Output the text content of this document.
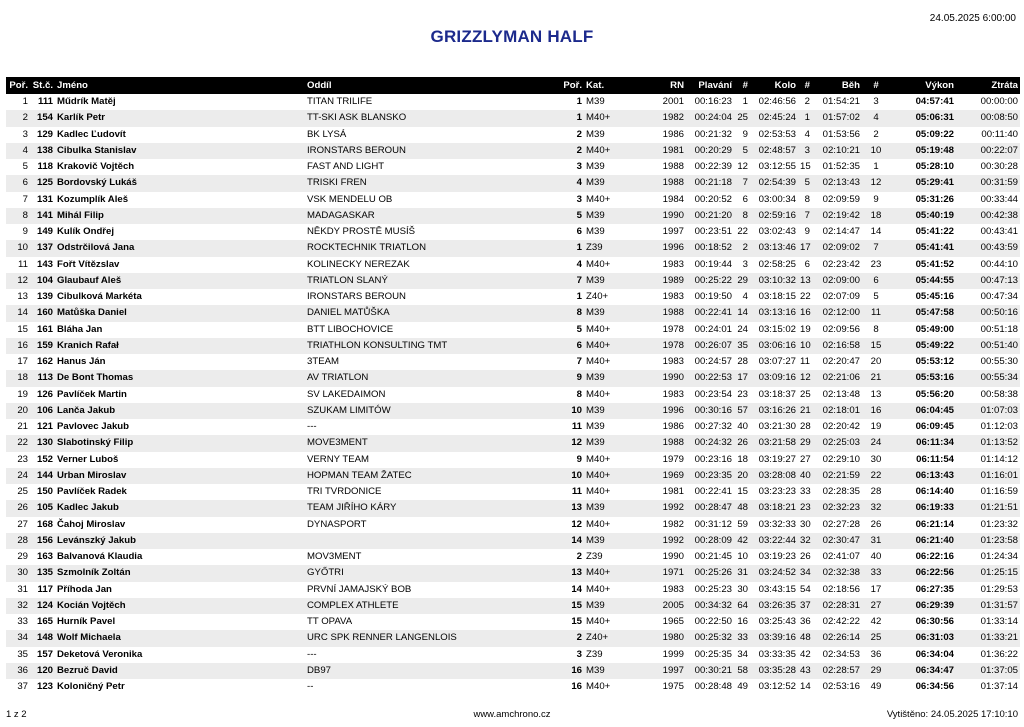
GRIZZLYMAN HALF
24.05.2025 6:00:00
Poř.	St.č.	Jméno	Oddíl	Poř.	Kat.	RN	Plavání	#	Kolo	#	Běh	#	Výkon	Ztráta
1	111	Műdrík Matěj	TITAN TRILIFE	1	M39	2001	00:16:23	1	02:46:56	2	01:54:21	3	04:57:41	00:00:00
2	154	Karlík Petr	TT-SKI ASK BLANSKO	1	M40+	1982	00:24:04	25	02:45:24	1	01:57:02	4	05:06:31	00:08:50
3	129	Kadlec Ľudovít	BK LYSÁ	2	M39	1986	00:21:32	9	02:53:53	4	01:53:56	2	05:09:22	00:11:40
4	138	Cibulka Stanislav	IRONSTARS BEROUN	2	M40+	1981	00:20:29	5	02:48:57	3	02:10:21	10	05:19:48	00:22:07
5	118	Krakovič Vojtěch	FAST AND LIGHT	3	M39	1988	00:22:39	12	03:12:55	15	01:52:35	1	05:28:10	00:30:28
6	125	Bordovský Lukáš	TRISKI FREN	4	M39	1988	00:21:18	7	02:54:39	5	02:13:43	12	05:29:41	00:31:59
7	131	Kozumplík Aleš	VSK MENDELU OB	3	M40+	1984	00:20:52	6	03:00:34	8	02:09:59	9	05:31:26	00:33:44
8	141	Mihál Filip	MADAGASKAR	5	M39	1990	00:21:20	8	02:59:16	7	02:19:42	18	05:40:19	00:42:38
9	149	Kulík Ondřej	NĚKDY PROSTĚ MUSÍŠ	6	M39	1997	00:23:51	22	03:02:43	9	02:14:47	14	05:41:22	00:43:41
10	137	Odstrčilová Jana	ROCKTECHNIK TRIATLON	1	Z39	1996	00:18:52	2	03:13:46	17	02:09:02	7	05:41:41	00:43:59
11	143	Fořt Vítězslav	KOLINECKY NEREZAK	4	M40+	1983	00:19:44	3	02:58:25	6	02:23:42	23	05:41:52	00:44:10
12	104	Glaubauf Aleš	TRIATLON SLANÝ	7	M39	1989	00:25:22	29	03:10:32	13	02:09:00	6	05:44:55	00:47:13
13	139	Cibulková Markéta	IRONSTARS BEROUN	1	Z40+	1983	00:19:50	4	03:18:15	22	02:07:09	5	05:45:16	00:47:34
14	160	Matůška Daniel	DANIEL MATŮŠKA	8	M39	1988	00:22:41	14	03:13:16	16	02:12:00	11	05:47:58	00:50:16
15	161	Bláha Jan	BTT LIBOCHOVICE	5	M40+	1978	00:24:01	24	03:15:02	19	02:09:56	8	05:49:00	00:51:18
16	159	Kranich Rafał	TRIATHLON KONSULTING TMT	6	M40+	1978	00:26:07	35	03:06:16	10	02:16:58	15	05:49:22	00:51:40
17	162	Hanus Ján	3TEAM	7	M40+	1983	00:24:57	28	03:07:27	11	02:20:47	20	05:53:12	00:55:30
18	113	De Bont Thomas	AV TRIATLON	9	M39	1990	00:22:53	17	03:09:16	12	02:21:06	21	05:53:16	00:55:34
19	126	Pavlíček Martin	SV LAKEDAIMON	8	M40+	1983	00:23:54	23	03:18:37	25	02:13:48	13	05:56:20	00:58:38
20	106	Lanča Jakub	SZUKAM LIMITÓW	10	M39	1996	00:30:16	57	03:16:26	21	02:18:01	16	06:04:45	01:07:03
21	121	Pavlovec Jakub	---	11	M39	1986	00:27:32	40	03:21:30	28	02:20:42	19	06:09:45	01:12:03
22	130	Slabotinský Filip	MOVE3MENT	12	M39	1988	00:24:32	26	03:21:58	29	02:25:03	24	06:11:34	01:13:52
23	152	Verner Luboš	VERNY TEAM	9	M40+	1979	00:23:16	18	03:19:27	27	02:29:10	30	06:11:54	01:14:12
24	144	Urban Miroslav	HOPMAN TEAM ŽATEC	10	M40+	1969	00:23:35	20	03:28:08	40	02:21:59	22	06:13:43	01:16:01
25	150	Pavlíček Radek	TRI TVRDONICE	11	M40+	1981	00:22:41	15	03:23:23	33	02:28:35	28	06:14:40	01:16:59
26	105	Kadlec Jakub	TEAM JIŘÍHO KÁRY	13	M39	1992	00:28:47	48	03:18:21	23	02:32:23	32	06:19:33	01:21:51
27	168	Čahoj Miroslav	DYNASPORT	12	M40+	1982	00:31:12	59	03:32:33	30	02:27:28	26	06:21:14	01:23:32
28	156	Levánszký Jakub		14	M39	1992	00:28:09	42	03:22:44	32	02:30:47	31	06:21:40	01:23:58
29	163	Balvanová Klaudia	MOV3MENT	2	Z39	1990	00:21:45	10	03:19:23	26	02:41:07	40	06:22:16	01:24:34
30	135	Szmolník Zoltán	GYŐTRI	13	M40+	1971	00:25:26	31	03:24:52	34	02:32:38	33	06:22:56	01:25:15
31	117	Příhoda Jan	PRVNÍ JAMAJSKÝ BOB	14	M40+	1983	00:25:23	30	03:43:15	54	02:18:56	17	06:27:35	01:29:53
32	124	Kocián Vojtěch	COMPLEX ATHLETE	15	M39	2005	00:34:32	64	03:26:35	37	02:28:31	27	06:29:39	01:31:57
33	165	Hurník Pavel	TT OPAVA	15	M40+	1965	00:22:50	16	03:25:43	36	02:42:22	42	06:30:56	01:33:14
34	148	Wolf Michaela	URC SPK RENNER LANGENLOIS	2	Z40+	1980	00:25:32	33	03:39:16	48	02:26:14	25	06:31:03	01:33:21
35	157	Deketová Veronika	---	3	Z39	1999	00:25:35	34	03:33:35	42	02:34:53	36	06:34:04	01:36:22
36	120	Bezruč David	DB97	16	M39	1997	00:30:21	58	03:35:28	43	02:28:57	29	06:34:47	01:37:05
37	123	Koloničný Petr	--	16	M40+	1975	00:28:48	49	03:12:52	14	02:53:16	49	06:34:56	01:37:14
1 z 2	www.amchrono.cz	Vytištěno: 24.05.2025 17:10:10
